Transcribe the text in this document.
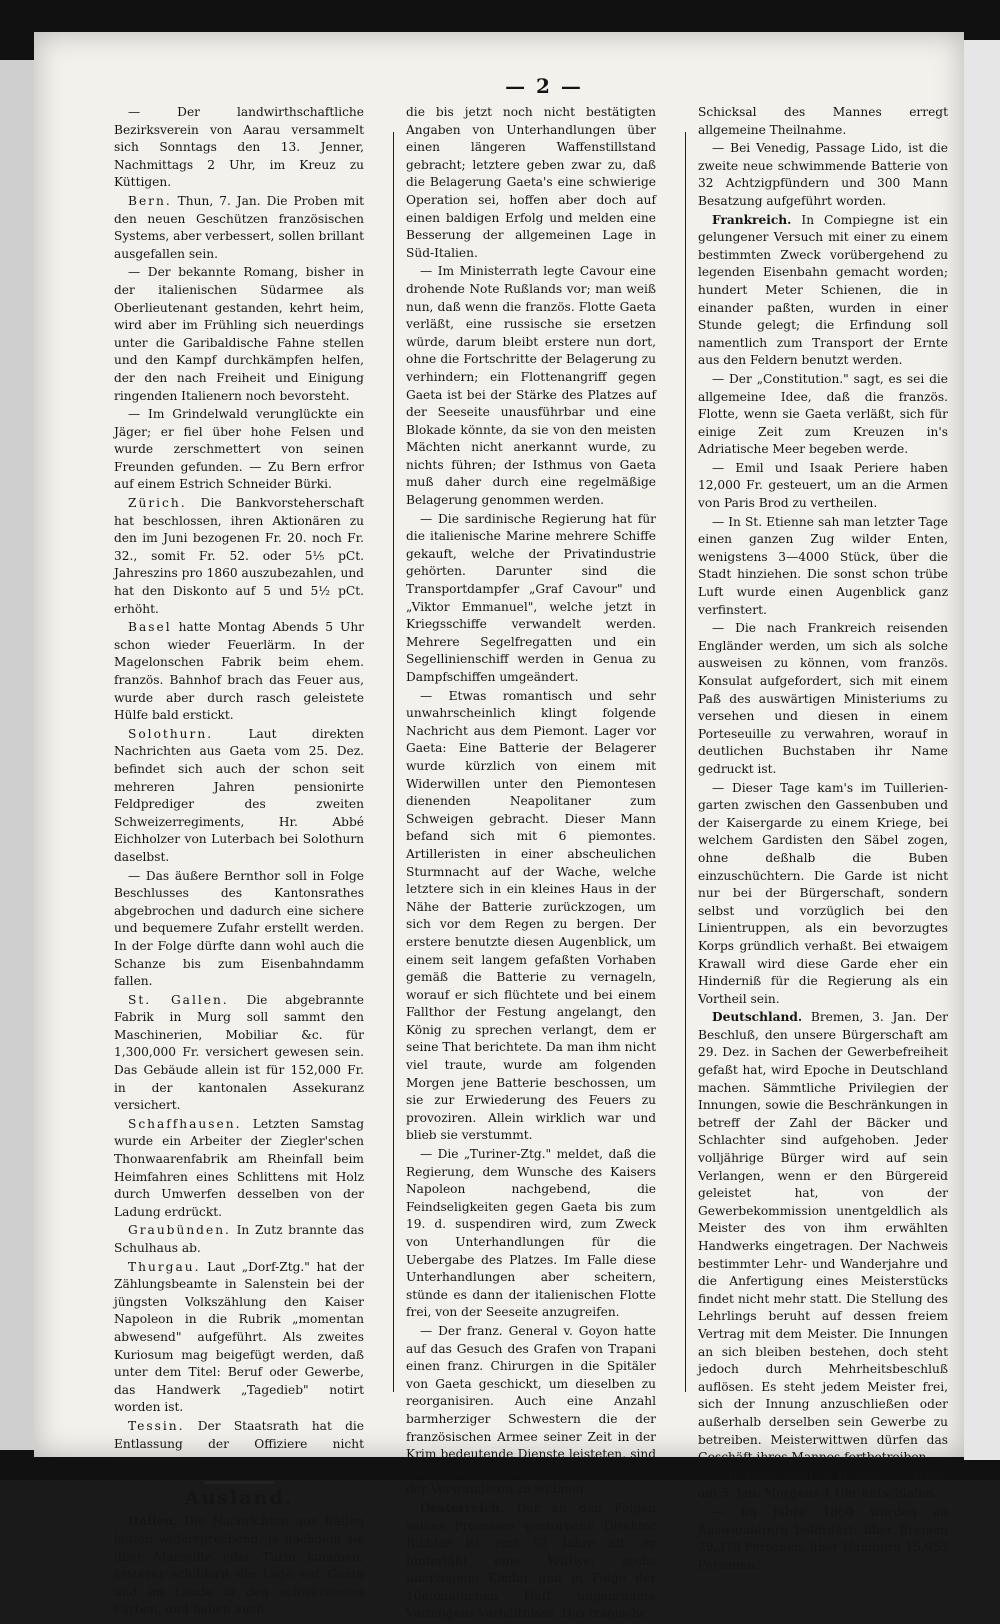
— 2 —

— Der landwirthschaftliche Bezirksverein von Aarau versammelt sich Sonntags den 13. Jenner, Nachmittags 2 Uhr, im Kreuz zu Küttigen.

Bern. Thun, 7. Jan. Die Proben mit den neuen Geschützen französischen Systems, aber verbessert, sollen brillant ausgefallen sein.

— Der bekannte Romang, bisher in der italienischen Südarmee als Oberlieutenant gestanden, kehrt heim, wird aber im Frühling sich neuerdings unter die Garibaldische Fahne stellen und den Kampf durchkämpfen helfen, der den nach Freiheit und Einigung ringenden Italienern noch bevorsteht.

— Im Grindelwald verunglückte ein Jäger; er fiel über hohe Felsen und wurde zerschmettert von seinen Freunden gefunden. — Zu Bern erfror auf einem Estrich Schneider Bürki.

Zürich. Die Bankvorsteherschaft hat beschlossen, ihren Aktionären zu den im Juni bezogenen Fr. 20. noch Fr. 32., somit Fr. 52. oder 5⅕ pCt. Jahreszins pro 1860 auszubezahlen, und hat den Diskonto auf 5 und 5½ pCt. erhöht.

Basel hatte Montag Abends 5 Uhr schon wieder Feuerlärm. In der Magelonschen Fabrik beim ehem. französ. Bahnhof brach das Feuer aus, wurde aber durch rasch geleistete Hülfe bald erstickt.

Solothurn. Laut direkten Nachrichten aus Gaeta vom 25. Dez. befindet sich auch der schon seit mehreren Jahren pensionirte Feldprediger des zweiten Schweizerregiments, Hr. Abbé Eichholzer von Luterbach bei Solothurn daselbst.

— Das äußere Bernthor soll in Folge Beschlusses des Kantonsrathes abgebrochen und dadurch eine sichere und bequemere Zufahr erstellt werden. In der Folge dürfte dann wohl auch die Schanze bis zum Eisenbahndamm fallen.

St. Gallen. Die abgebrannte Fabrik in Murg soll sammt den Maschinerien, Mobiliar &c. für 1,300,000 Fr. versichert gewesen sein. Das Gebäude allein ist für 152,000 Fr. in der kantonalen Assekuranz versichert.

Schaffhausen. Letzten Samstag wurde ein Arbeiter der Ziegler'schen Thonwaarenfabrik am Rheinfall beim Heimfahren eines Schlittens mit Holz durch Umwerfen desselben von der Ladung erdrückt.

Graubünden. In Zutz brannte das Schulhaus ab.

Thurgau. Laut „Dorf-Ztg." hat der Zählungsbeamte in Salenstein bei der jüngsten Volkszählung den Kaiser Napoleon in die Rubrik „momentan abwesend" aufgeführt. Als zweites Kuriosum mag beigefügt werden, daß unter dem Titel: Beruf oder Gewerbe, das Handwerk „Tagedieb" notirt worden ist.

Tessin. Der Staatsrath hat die Entlassung der Offiziere nicht angenommen.

Ausland.

Italien. Die Nachrichten aus Italien lauten widersprechend, je nachdem sie über Marseille oder Turin kommen; ersterer schildern die Lage vor Gaeta und im Lande in den schwärzesten Farben, und haben auch

die bis jetzt noch nicht bestätigten Angaben von Unterhandlungen über einen längeren Waffenstillstand gebracht; letztere geben zwar zu, daß die Belagerung Gaeta's eine schwierige Operation sei, hoffen aber doch auf einen baldigen Erfolg und melden eine Besserung der allgemeinen Lage in Süd-Italien.

— Im Ministerrath legte Cavour eine drohende Note Rußlands vor; man weiß nun, daß wenn die französ. Flotte Gaeta verläßt, eine russische sie ersetzen würde, darum bleibt erstere nun dort, ohne die Fortschritte der Belagerung zu verhindern; ein Flottenangriff gegen Gaeta ist bei der Stärke des Platzes auf der Seeseite unausführbar und eine Blokade könnte, da sie von den meisten Mächten nicht anerkannt wurde, zu nichts führen; der Isthmus von Gaeta muß daher durch eine regelmäßige Belagerung genommen werden.

— Die sardinische Regierung hat für die italienische Marine mehrere Schiffe gekauft, welche der Privatindustrie gehörten. Darunter sind die Transportdampfer „Graf Cavour" und „Viktor Emmanuel", welche jetzt in Kriegsschiffe verwandelt werden. Mehrere Segelfregatten und ein Segellinienschiff werden in Genua zu Dampfschiffen umgeändert.

— Etwas romantisch und sehr unwahrscheinlich klingt folgende Nachricht aus dem Piemont. Lager vor Gaeta: Eine Batterie der Belagerer wurde kürzlich von einem mit Widerwillen unter den Piemontesen dienenden Neapolitaner zum Schweigen gebracht. Dieser Mann befand sich mit 6 piemontes. Artilleristen in einer abscheulichen Sturmnacht auf der Wache, welche letztere sich in ein kleines Haus in der Nähe der Batterie zurückzogen, um sich vor dem Regen zu bergen. Der erstere benutzte diesen Augenblick, um einem seit langem gefaßten Vorhaben gemäß die Batterie zu vernageln, worauf er sich flüchtete und bei einem Fallthor der Festung angelangt, den König zu sprechen verlangt, dem er seine That berichtete. Da man ihm nicht viel traute, wurde am folgenden Morgen jene Batterie beschossen, um sie zur Erwiederung des Feuers zu provoziren. Allein wirklich war und blieb sie verstummt.

— Die „Turiner-Ztg." meldet, daß die Regierung, dem Wunsche des Kaisers Napoleon nachgebend, die Feindseligkeiten gegen Gaeta bis zum 19. d. suspendiren wird, zum Zweck von Unterhandlungen für die Uebergabe des Platzes. Im Falle diese Unterhandlungen aber scheitern, stünde es dann der italienischen Flotte frei, von der Seeseite anzugreifen.

— Der franz. General v. Goyon hatte auf das Gesuch des Grafen von Trapani einen franz. Chirurgen in die Spitäler von Gaeta geschickt, um dieselben zu reorganisiren. Auch eine Anzahl barmherziger Schwestern die der französischen Armee seiner Zeit in der Krim bedeutende Dienste leisteten, sind nach Gaeta gereist, um sich der Pflege der Verwundeten zu widmen.

Oesterreich. Der an den Folgen seines Prozesses gestorbene Direktor Richter ist erst 52 Jahre alt; er hinterläßt eine Wittwe, sechs unerzogene Kinder und in Folge der 10monatlichen Haft ungeordnete Vermögens-Verhältnisse. Das tragische

Schicksal des Mannes erregt allgemeine Theilnahme.

— Bei Venedig, Passage Lido, ist die zweite neue schwimmende Batterie von 32 Achtzigpfündern und 300 Mann Besatzung aufgeführt worden.

Frankreich. In Compiegne ist ein gelungener Versuch mit einer zu einem bestimmten Zweck vorübergehend zu legenden Eisenbahn gemacht worden; hundert Meter Schienen, die in einander paßten, wurden in einer Stunde gelegt; die Erfindung soll namentlich zum Transport der Ernte aus den Feldern benutzt werden.

— Der „Constitution." sagt, es sei die allgemeine Idee, daß die französ. Flotte, wenn sie Gaeta verläßt, sich für einige Zeit zum Kreuzen in's Adriatische Meer begeben werde.

— Emil und Isaak Periere haben 12,000 Fr. gesteuert, um an die Armen von Paris Brod zu vertheilen.

— In St. Etienne sah man letzter Tage einen ganzen Zug wilder Enten, wenigstens 3—4000 Stück, über die Stadt hinziehen. Die sonst schon trübe Luft wurde einen Augenblick ganz verfinstert.

— Die nach Frankreich reisenden Engländer werden, um sich als solche ausweisen zu können, vom französ. Konsulat aufgefordert, sich mit einem Paß des auswärtigen Ministeriums zu versehen und diesen in einem Porteseuille zu verwahren, worauf in deutlichen Buchstaben ihr Name gedruckt ist.

— Dieser Tage kam's im Tuillerien-garten zwischen den Gassenbuben und der Kaisergarde zu einem Kriege, bei welchem Gardisten den Säbel zogen, ohne deßhalb die Buben einzuschüchtern. Die Garde ist nicht nur bei der Bürgerschaft, sondern selbst und vorzüglich bei den Linientruppen, als ein bevorzugtes Korps gründlich verhaßt. Bei etwaigem Krawall wird diese Garde eher ein Hinderniß für die Regierung als ein Vortheil sein.

Deutschland. Bremen, 3. Jan. Der Beschluß, den unsere Bürgerschaft am 29. Dez. in Sachen der Gewerbefreiheit gefaßt hat, wird Epoche in Deutschland machen. Sämmtliche Privilegien der Innungen, sowie die Beschränkungen in betreff der Zahl der Bäcker und Schlachter sind aufgehoben. Jeder volljährige Bürger wird auf sein Verlangen, wenn er den Bürgereid geleistet hat, von der Gewerbekommission unentgeldlich als Meister des von ihm erwählten Handwerks eingetragen. Der Nachweis bestimmter Lehr- und Wanderjahre und die Anfertigung eines Meisterstücks findet nicht mehr statt. Die Stellung des Lehrlings beruht auf dessen freiem Vertrag mit dem Meister. Die Innungen an sich bleiben bestehen, doch steht jedoch durch Mehrheitsbeschluß auflösen. Es steht jedem Meister frei, sich der Innung anzuschließen oder außerhalb derselben sein Gewerbe zu betreiben. Meisterwittwen dürfen das Geschäft ihres Mannes fortbetreiben.

— In Düsseldorf ist Heinrich v. Arnim am 5. Jan. Morgens 4 Uhr entschlafen.

— Im Jahre 1860 wurden an Auswanderern befördert: über Bremen 29,378 Personen, über Hamburg 15,953 Personen.
